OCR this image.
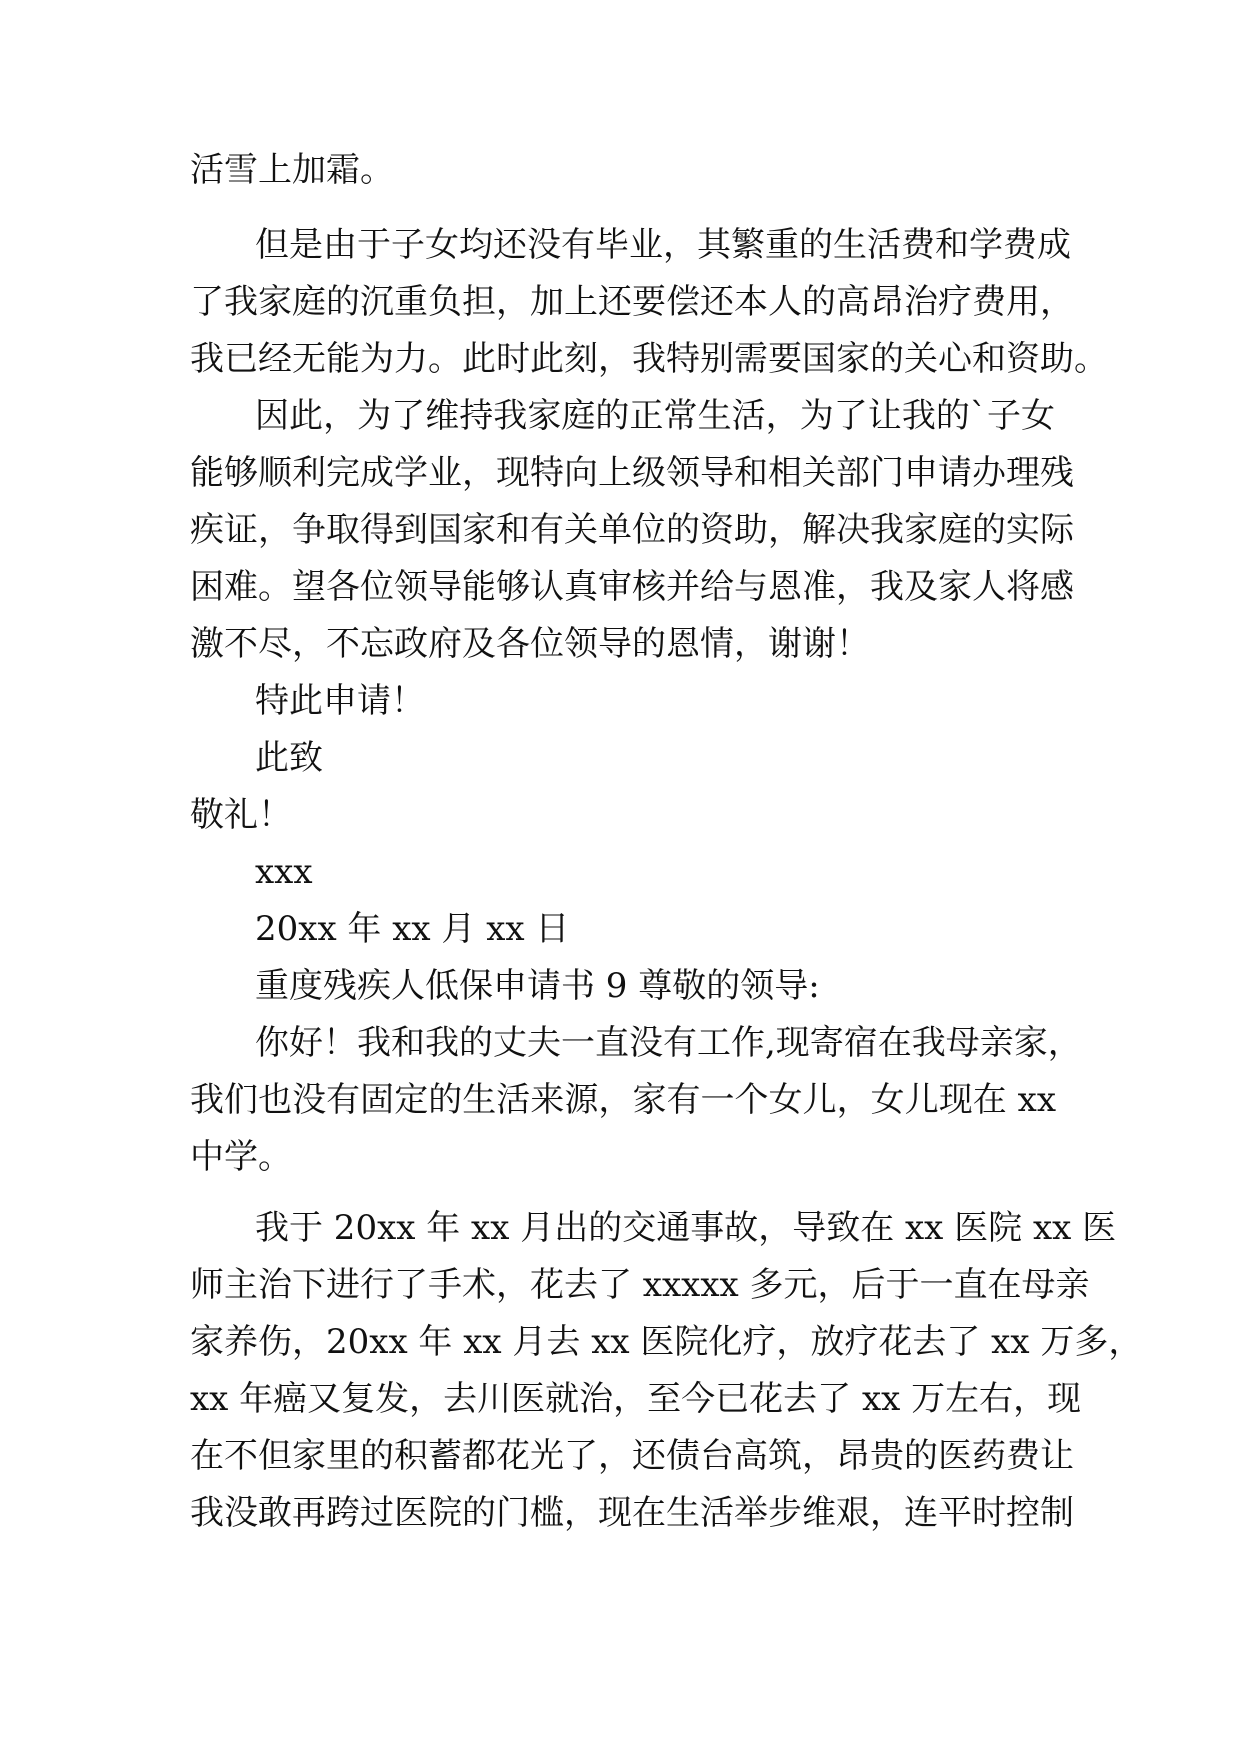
活雪上加霜。
但是由于子女均还没有毕业，其繁重的生活费和学费成
了我家庭的沉重负担，加上还要偿还本人的高昂治疗费用，
我已经无能为力。此时此刻，我特别需要国家的关心和资助。
因此，为了维持我家庭的正常生活，为了让我的`子女
能够顺利完成学业，现特向上级领导和相关部门申请办理残
疾证，争取得到国家和有关单位的资助，解决我家庭的实际
困难。望各位领导能够认真审核并给与恩准，我及家人将感
激不尽，不忘政府及各位领导的恩情，谢谢！
特此申请！
此致
敬礼！
xxx
20xx 年 xx 月 xx 日
重度残疾人低保申请书 9 尊敬的领导:
你好！我和我的丈夫一直没有工作,现寄宿在我母亲家，
我们也没有固定的生活来源，家有一个女儿，女儿现在 xx
中学。
我于 20xx 年 xx 月出的交通事故，导致在 xx 医院 xx 医
师主治下进行了手术，花去了 xxxxx 多元，后于一直在母亲
家养伤，20xx 年 xx 月去 xx 医院化疗，放疗花去了 xx 万多，
xx 年癌又复发，去川医就治，至今已花去了 xx 万左右，现
在不但家里的积蓄都花光了，还债台高筑，昂贵的医药费让
我没敢再跨过医院的门槛，现在生活举步维艰，连平时控制
